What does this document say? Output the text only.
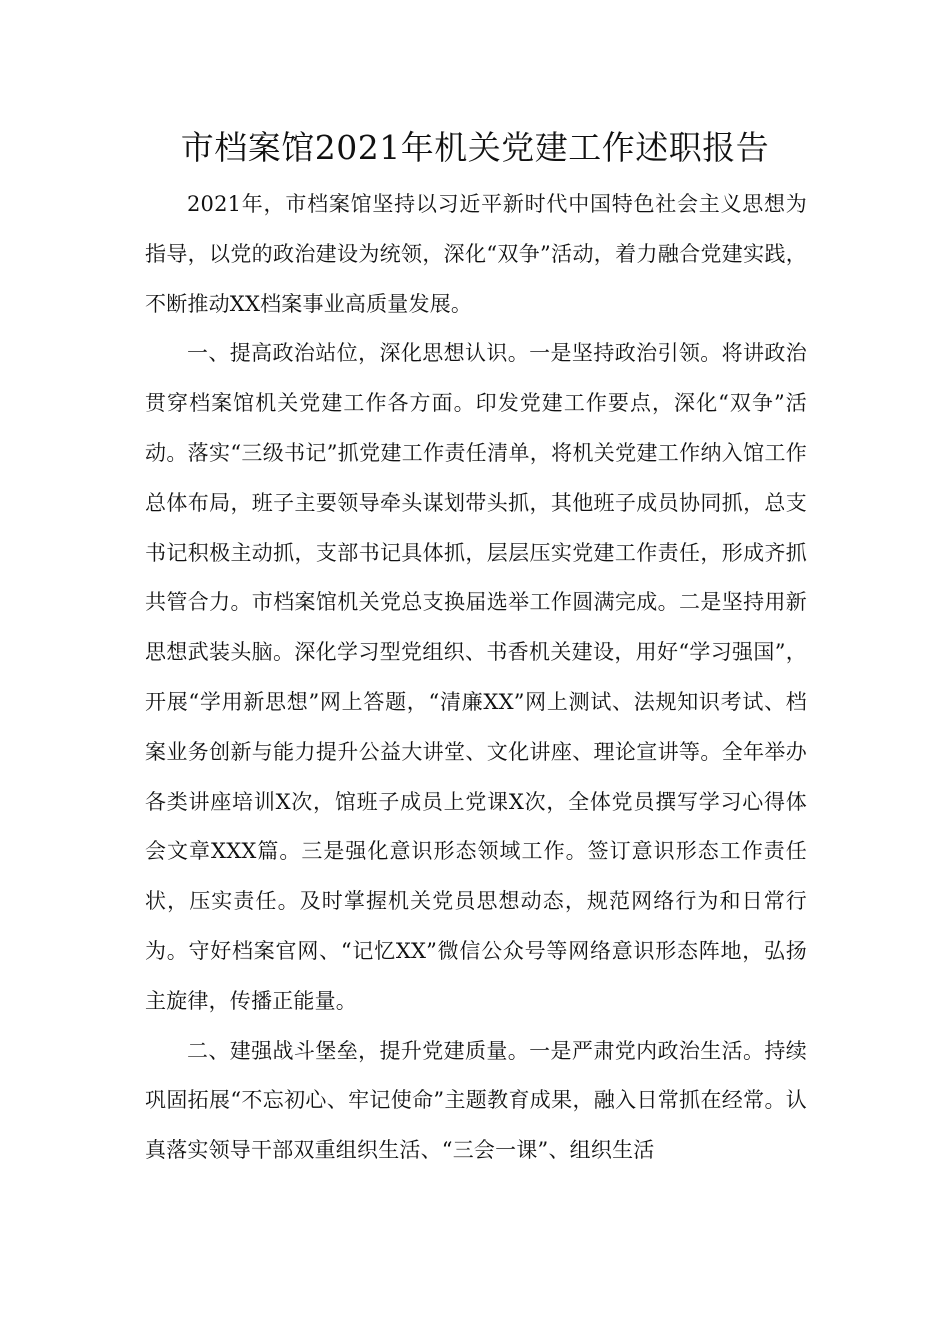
市档案馆2021年机关党建工作述职报告

2021年，市档案馆坚持以习近平新时代中国特色社会主义思想为指导，以党的政治建设为统领，深化“双争”活动，着力融合党建实践，不断推动XX档案事业高质量发展。

一、提高政治站位，深化思想认识。一是坚持政治引领。将讲政治贯穿档案馆机关党建工作各方面。印发党建工作要点，深化“双争”活动。落实“三级书记”抓党建工作责任清单，将机关党建工作纳入馆工作总体布局，班子主要领导牵头谋划带头抓，其他班子成员协同抓，总支书记积极主动抓，支部书记具体抓，层层压实党建工作责任，形成齐抓共管合力。市档案馆机关党总支换届选举工作圆满完成。二是坚持用新思想武装头脑。深化学习型党组织、书香机关建设，用好“学习强国”，开展“学用新思想”网上答题，“清廉XX”网上测试、法规知识考试、档案业务创新与能力提升公益大讲堂、文化讲座、理论宣讲等。全年举办各类讲座培训X次，馆班子成员上党课X次，全体党员撰写学习心得体会文章XXX篇。三是强化意识形态领域工作。签订意识形态工作责任状，压实责任。及时掌握机关党员思想动态，规范网络行为和日常行为。守好档案官网、“记忆XX”微信公众号等网络意识形态阵地，弘扬主旋律，传播正能量。

二、建强战斗堡垒，提升党建质量。一是严肃党内政治生活。持续巩固拓展“不忘初心、牢记使命”主题教育成果，融入日常抓在经常。认真落实领导干部双重组织生活、“三会一课”、组织生活
